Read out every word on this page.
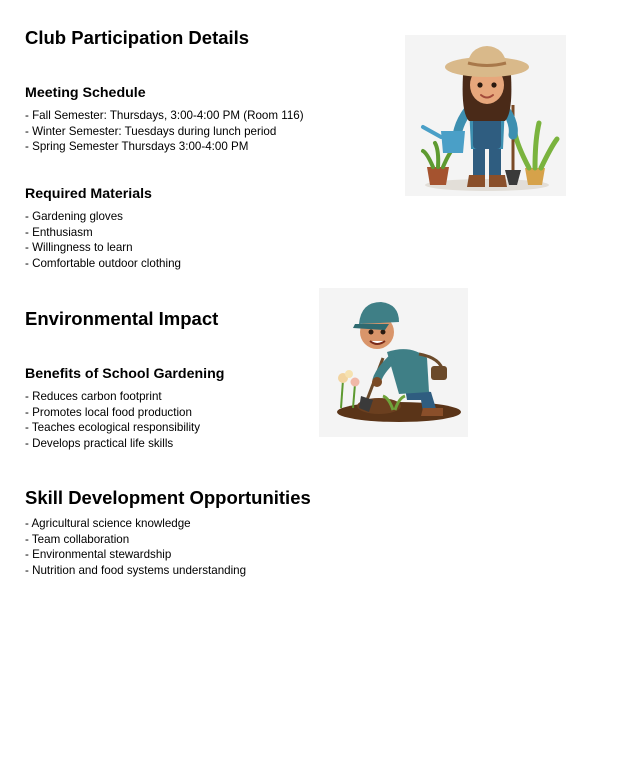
Club Participation Details
Meeting Schedule
- Fall Semester: Thursdays, 3:00-4:00 PM (Room 116)
- Winter Semester: Tuesdays during lunch period
- Spring Semester Thursdays 3:00-4:00 PM
Required Materials
- Gardening gloves
- Enthusiasm
- Willingness to learn
- Comfortable outdoor clothing
Environmental Impact
Benefits of School Gardening
- Reduces carbon footprint
- Promotes local food production
- Teaches ecological responsibility
- Develops practical life skills
Skill Development Opportunities
- Agricultural science knowledge
- Team collaboration
- Environmental stewardship
- Nutrition and food systems understanding
